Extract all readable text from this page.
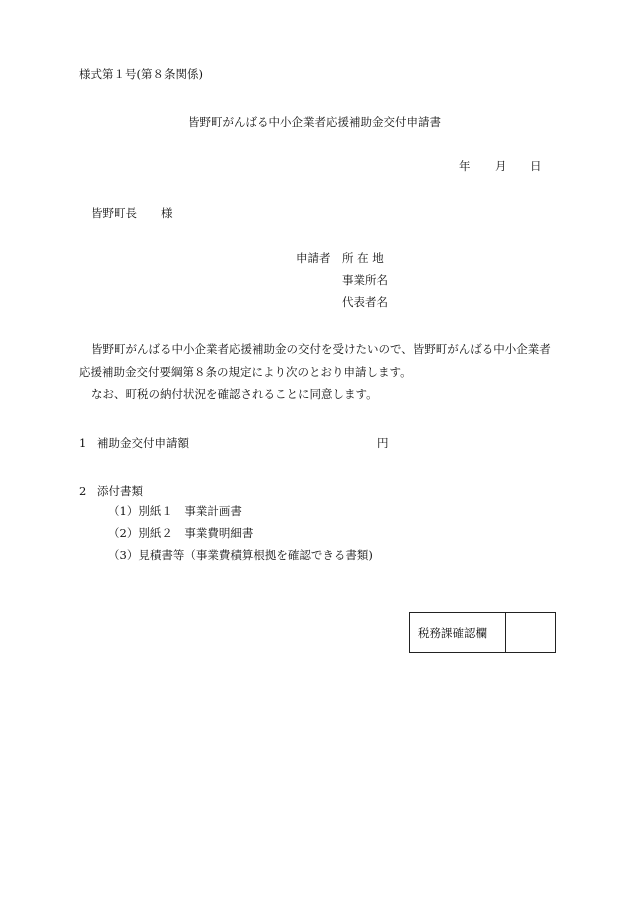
様式第１号(第８条関係)
皆野町がんばる中小企業者応援補助金交付申請書
年 月 日
皆野町長 様
申請者 所 在 地
事業所名
代表者名
皆野町がんばる中小企業者応援補助金の交付を受けたいので、皆野町がんばる中小企業者
応援補助金交付要綱第８条の規定により次のとおり申請します。
なお、町税の納付状況を確認されることに同意します。
1 補助金交付申請額	円
2 添付書類
（1）別紙１　事業計画書
（2）別紙２　事業費明細書
（3）見積書等（事業費積算根拠を確認できる書類)
税務課確認欄
